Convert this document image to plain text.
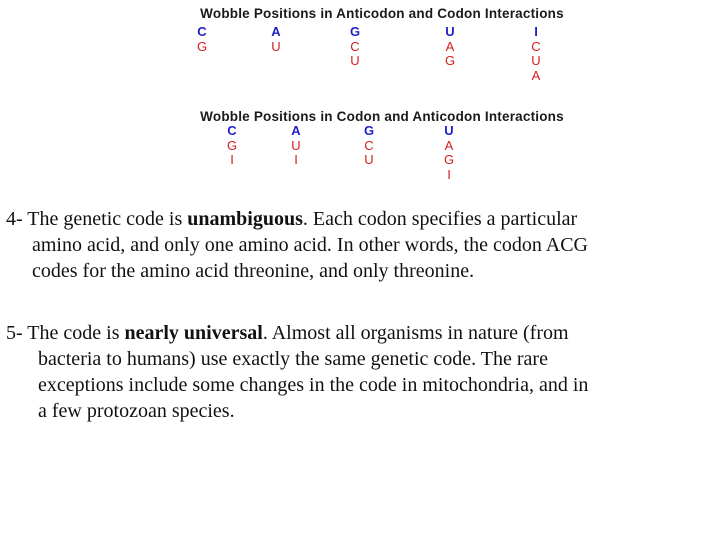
Wobble Positions in Anticodon and Codon Interactions
C
G
A
U
G
C
U
U
A
G
I
C
U
A
Wobble Positions in Codon and Anticodon Interactions
C
G
I
A
U
I
G
C
U
U
A
G
I

4- The genetic code is unambiguous. Each codon specifies a particular
amino acid, and only one amino acid. In other words, the codon ACG
codes for the amino acid threonine, and only threonine.

5- The code is nearly universal. Almost all organisms in nature (from
bacteria to humans) use exactly the same genetic code. The rare
exceptions include some changes in the code in mitochondria, and in
a few protozoan species.
